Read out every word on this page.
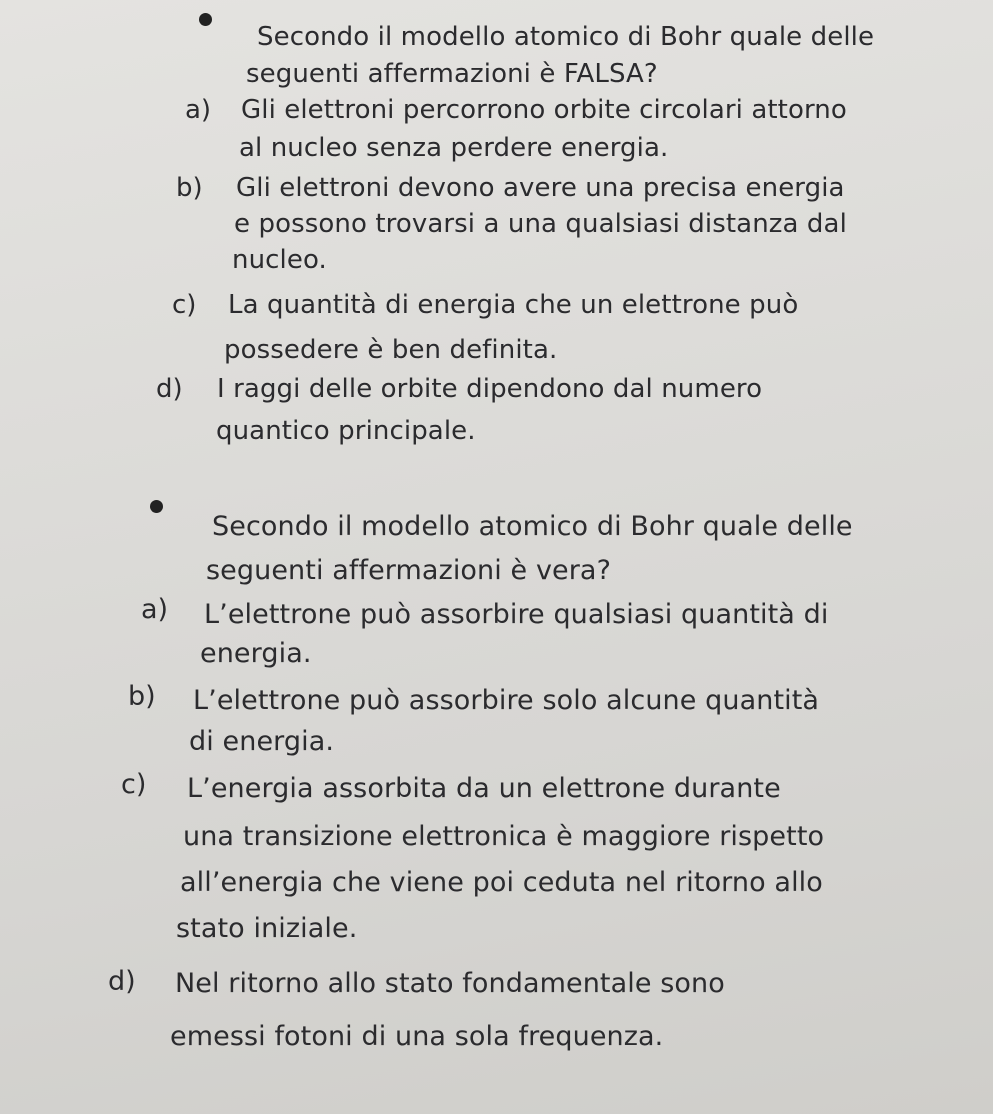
Secondo il modello atomico di Bohr quale delle
seguenti affermazioni è FALSA?
a) Gli elettroni percorrono orbite circolari attorno
al nucleo senza perdere energia.
b) Gli elettroni devono avere una precisa energia
e possono trovarsi a una qualsiasi distanza dal
nucleo.
c) La quantità di energia che un elettrone può
possedere è ben definita.
d) I raggi delle orbite dipendono dal numero
quantico principale.
Secondo il modello atomico di Bohr quale delle
seguenti affermazioni è vera?
a) L’elettrone può assorbire qualsiasi quantità di
energia.
b) L’elettrone può assorbire solo alcune quantità
di energia.
c) L’energia assorbita da un elettrone durante
una transizione elettronica è maggiore rispetto
all’energia che viene poi ceduta nel ritorno allo
stato iniziale.
d) Nel ritorno allo stato fondamentale sono
emessi fotoni di una sola frequenza.
